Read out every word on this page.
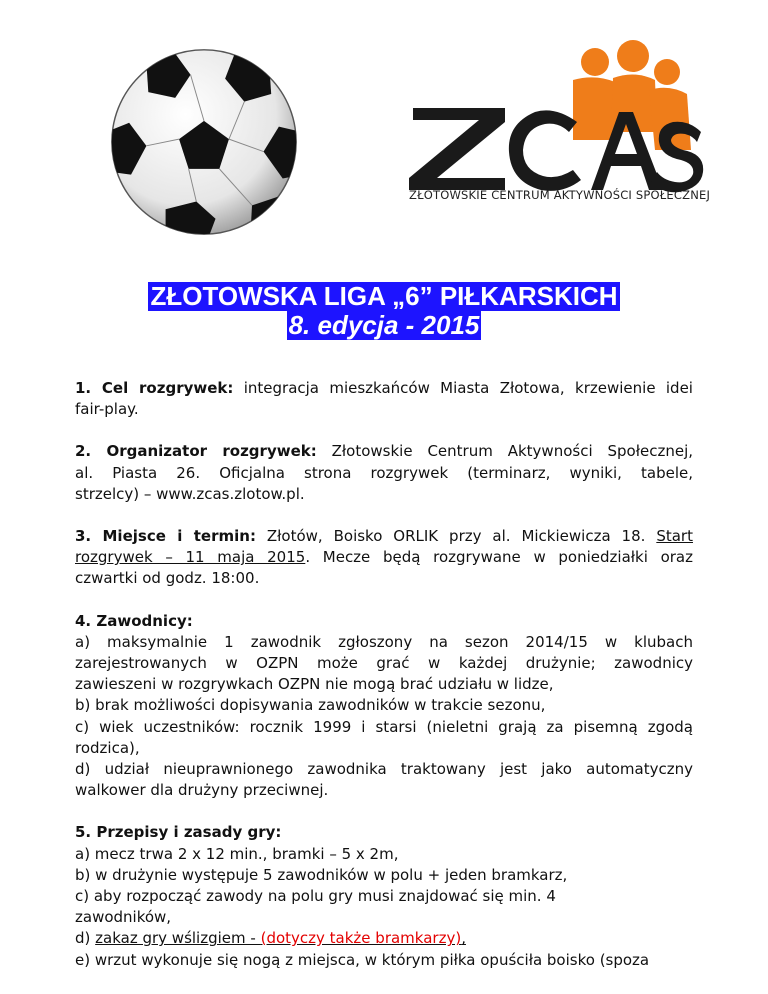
ZŁOTOWSKIE CENTRUM AKTYWNOŚCI SPOŁECZNEJ
ZŁOTOWSKA LIGA „6” PIŁKARSKICH
8. edycja - 2015
1. Cel rozgrywek: integracja mieszkańców Miasta Złotowa, krzewienie idei
fair-play.
2. Organizator rozgrywek: Złotowskie Centrum Aktywności Społecznej,
al. Piasta 26. Oficjalna strona rozgrywek (terminarz, wyniki, tabele,
strzelcy) – www.zcas.zlotow.pl.
3. Miejsce i termin: Złotów, Boisko ORLIK przy al. Mickiewicza 18. Start
rozgrywek – 11 maja 2015. Mecze będą rozgrywane w poniedziałki oraz
czwartki od godz. 18:00.
4. Zawodnicy:
a) maksymalnie 1 zawodnik zgłoszony na sezon 2014/15 w klubach
zarejestrowanych w OZPN może grać w każdej drużynie; zawodnicy
zawieszeni w rozgrywkach OZPN nie mogą brać udziału w lidze,
b) brak możliwości dopisywania zawodników w trakcie sezonu,
c) wiek uczestników: rocznik 1999 i starsi (nieletni grają za pisemną zgodą
rodzica),
d) udział nieuprawnionego zawodnika traktowany jest jako automatyczny
walkower dla drużyny przeciwnej.
5. Przepisy i zasady gry:
a) mecz trwa 2 x 12 min., bramki – 5 x 2m,
b) w drużynie występuje 5 zawodników w polu + jeden bramkarz,
c) aby rozpocząć zawody na polu gry musi znajdować się min. 4
zawodników,
d) zakaz gry wślizgiem - (dotyczy także bramkarzy),
e) wrzut wykonuje się nogą z miejsca, w którym piłka opuściła boisko (spoza
